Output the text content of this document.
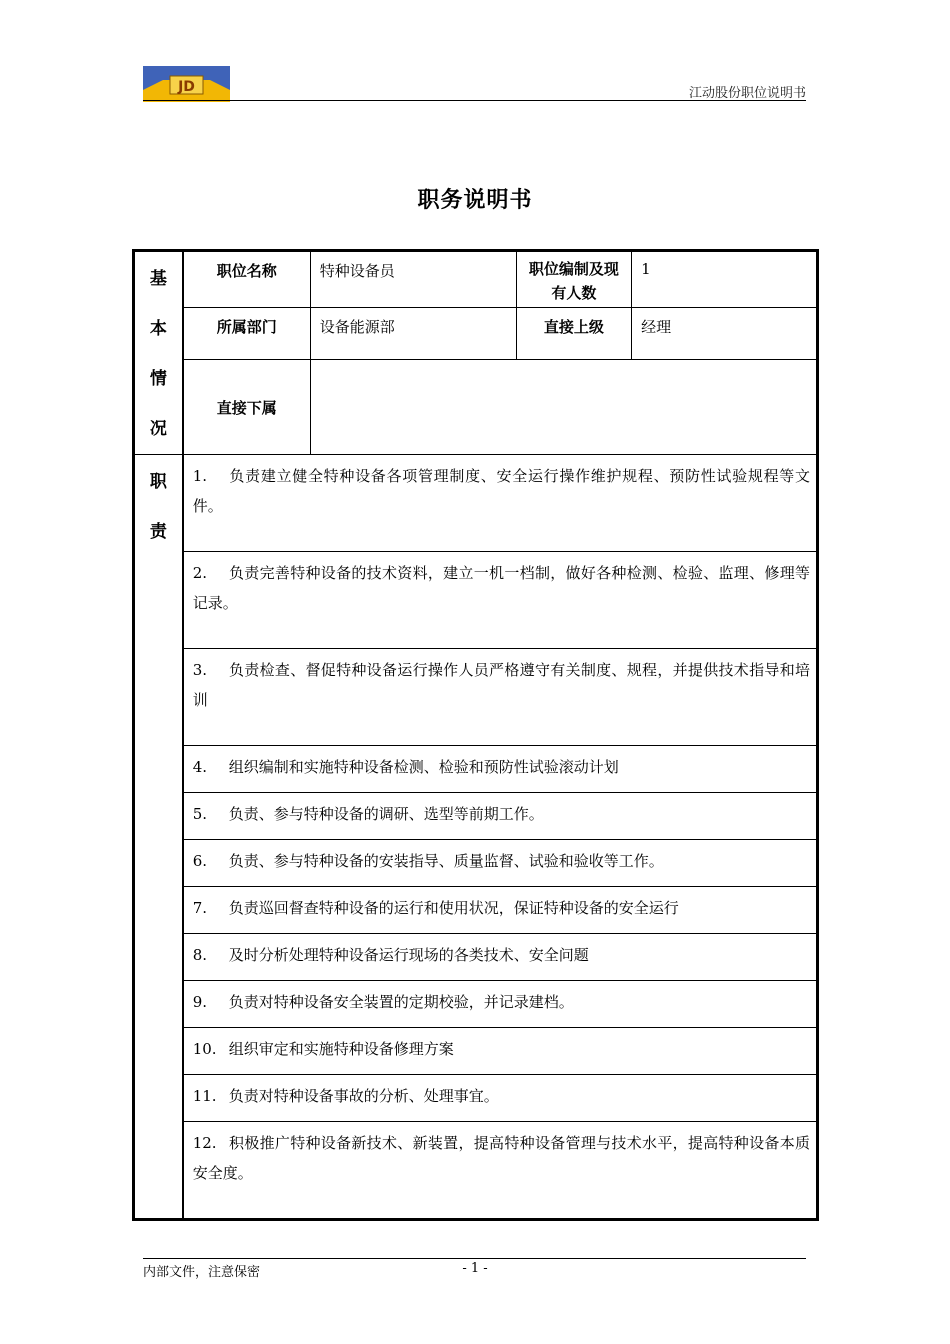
JD	江动股份职位说明书
职务说明书
基
本
情
况	职位名称	特种设备员	职位编制及现有人数	1
	所属部门	设备能源部	直接上级	经理
	直接下属			

职
责	1. 负责建立健全特种设备各项管理制度、安全运行操作维护规程、预防性试验规程等文件。			
	2. 负责完善特种设备的技术资料，建立一机一档制，做好各种检测、检验、监理、修理等记录。			
	3. 负责检查、督促特种设备运行操作人员严格遵守有关制度、规程，并提供技术指导和培训			
	4. 组织编制和实施特种设备检测、检验和预防性试验滚动计划			
	5. 负责、参与特种设备的调研、选型等前期工作。			
	6. 负责、参与特种设备的安装指导、质量监督、试验和验收等工作。			
	7. 负责巡回督查特种设备的运行和使用状况，保证特种设备的安全运行			
	8. 及时分析处理特种设备运行现场的各类技术、安全问题			
	9. 负责对特种设备安全装置的定期校验，并记录建档。			
	10. 组织审定和实施特种设备修理方案			
	11. 负责对特种设备事故的分析、处理事宜。			
	12. 积极推广特种设备新技术、新装置，提高特种设备管理与技术水平，提高特种设备本质安全度。			
内部文件，注意保密	- 1 -
